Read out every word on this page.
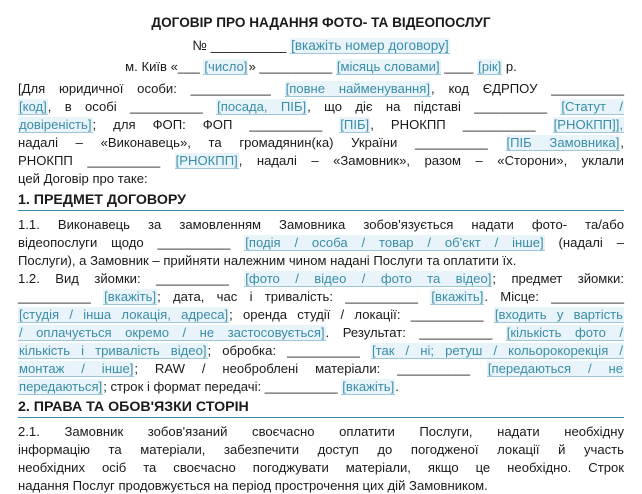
ДОГОВІР ПРО НАДАННЯ ФОТО- ТА ВІДЕОПОСЛУГ
№ __________ [вкажіть номер договору]
м. Київ «___ [число]» __________ [місяць словами] ____ [рік] р.
[Для юридичної особи: ___________ [повне найменування], код ЄДРПОУ __________
[код], в особі __________ [посада, ПІБ], що діє на підставі __________ [Статут /
довіреність]; для ФОП: ФОП __________ [ПІБ], РНОКПП __________ [РНОКПП]],
надалі – «Виконавець», та громадянин(ка) України __________ [ПІБ Замовника],
РНОКПП __________ [РНОКПП], надалі – «Замовник», разом – «Сторони», уклали
цей Договір про таке:
1. ПРЕДМЕТ ДОГОВОРУ
1.1. Виконавець за замовленням Замовника зобов'язується надати фото- та/або
відеопослуги щодо __________ [подія / особа / товар / об'єкт / інше] (надалі –
Послуги), а Замовник – прийняти належним чином надані Послуги та оплатити їх.
1.2. Вид зйомки: __________ [фото / відео / фото та відео]; предмет зйомки:
__________ [вкажіть]; дата, час і тривалість: __________ [вкажіть]. Місце: __________
[студія / інша локація, адреса]; оренда студії / локації: __________ [входить у вартість
/ оплачується окремо / не застосовується]. Результат: __________ [кількість фото /
кількість і тривалість відео]; обробка: __________ [так / ні; ретуш / кольорокорекція /
монтаж / інше]; RAW / необроблені матеріали: __________ [передаються / не
передаються]; строк і формат передачі: __________ [вкажіть].
2. ПРАВА ТА ОБОВ'ЯЗКИ СТОРІН
2.1. Замовник зобов'язаний своєчасно оплатити Послуги, надати необхідну
інформацію та матеріали, забезпечити доступ до погодженої локації й участь
необхідних осіб та своєчасно погоджувати матеріали, якщо це необхідно. Строк
надання Послуг продовжується на період прострочення цих дій Замовником.
